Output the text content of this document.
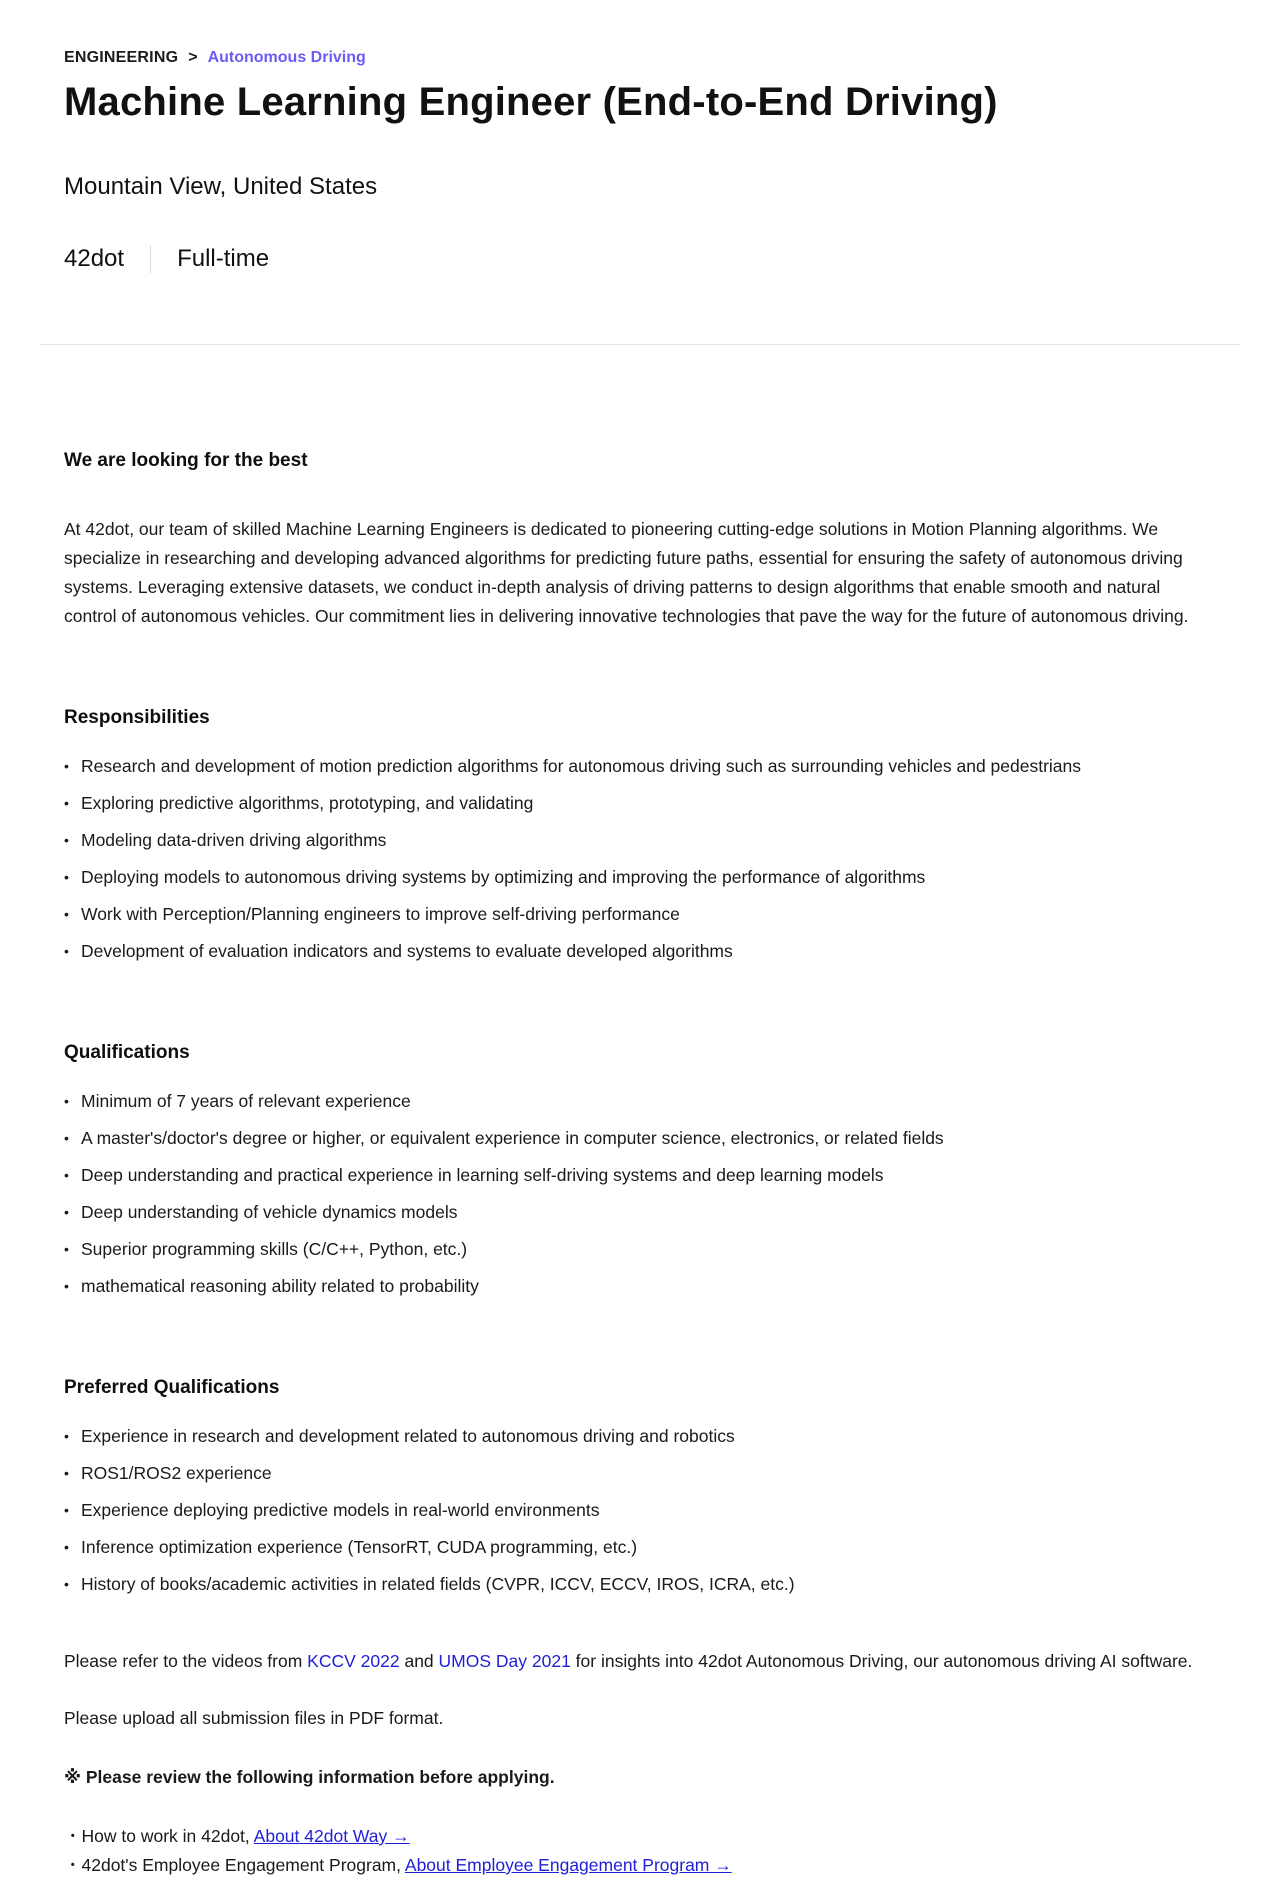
ENGINEERING > Autonomous Driving
Machine Learning Engineer (End-to-End Driving)
Mountain View, United States
42dot Full-time
We are looking for the best

At 42dot, our team of skilled Machine Learning Engineers is dedicated to pioneering cutting-edge solutions in Motion Planning algorithms. We specialize in researching and developing advanced algorithms for predicting future paths, essential for ensuring the safety of autonomous driving systems. Leveraging extensive datasets, we conduct in-depth analysis of driving patterns to design algorithms that enable smooth and natural control of autonomous vehicles. Our commitment lies in delivering innovative technologies that pave the way for the future of autonomous driving.

Responsibilities
• Research and development of motion prediction algorithms for autonomous driving such as surrounding vehicles and pedestrians
• Exploring predictive algorithms, prototyping, and validating
• Modeling data-driven driving algorithms
• Deploying models to autonomous driving systems by optimizing and improving the performance of algorithms
• Work with Perception/Planning engineers to improve self-driving performance
• Development of evaluation indicators and systems to evaluate developed algorithms
Qualifications
• Minimum of 7 years of relevant experience
• A master's/doctor's degree or higher, or equivalent experience in computer science, electronics, or related fields
• Deep understanding and practical experience in learning self-driving systems and deep learning models
• Deep understanding of vehicle dynamics models
• Superior programming skills (C/C++, Python, etc.)
• mathematical reasoning ability related to probability
Preferred Qualifications
• Experience in research and development related to autonomous driving and robotics
• ROS1/ROS2 experience
• Experience deploying predictive models in real-world environments
• Inference optimization experience (TensorRT, CUDA programming, etc.)
• History of books/academic activities in related fields (CVPR, ICCV, ECCV, IROS, ICRA, etc.)

Please refer to the videos from KCCV 2022 and UMOS Day 2021 for insights into 42dot Autonomous Driving, our autonomous driving AI software.

Please upload all submission files in PDF format.

※ Please review the following information before applying.

・How to work in 42dot, About 42dot Way →
・42dot's Employee Engagement Program, About Employee Engagement Program →
